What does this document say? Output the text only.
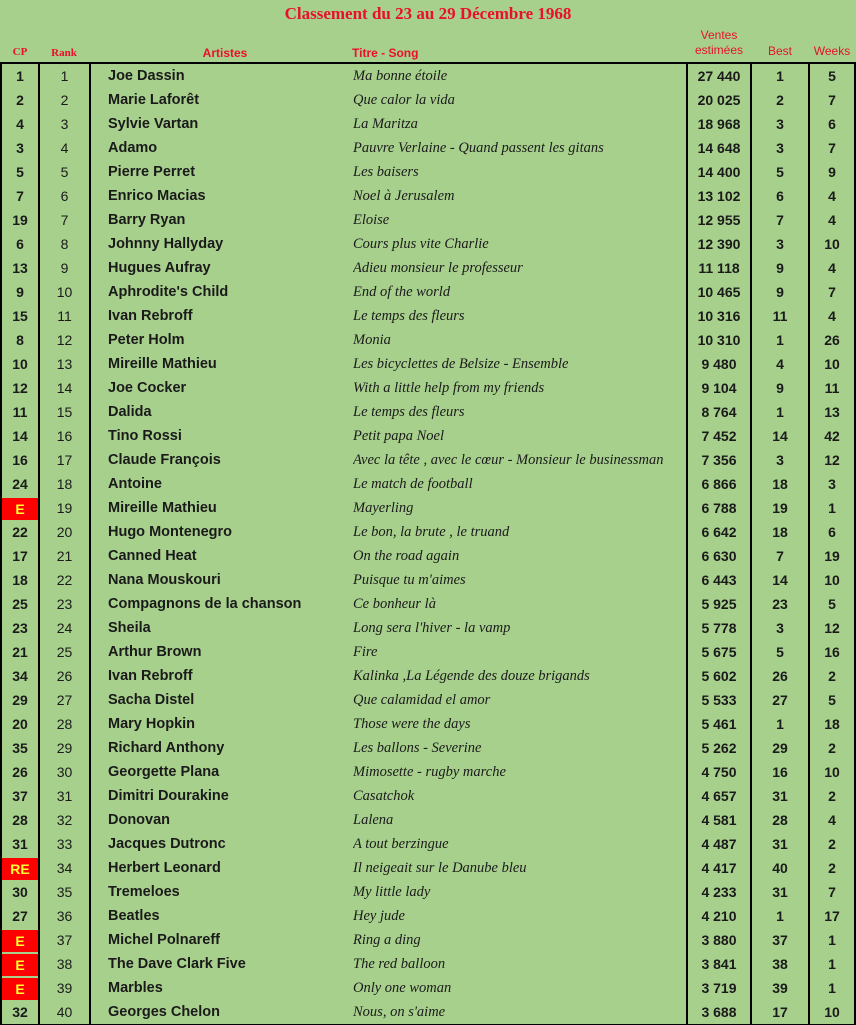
Classement du 23 au 29 Décembre 1968
CP	Rank	Artistes	Titre - Song
Ventes
estimées	Best	Weeks
1	1	Joe Dassin	Ma bonne étoile	27 440	1	5
2	2	Marie Laforêt	Que calor la vida	20 025	2	7
4	3	Sylvie Vartan	La Maritza	18 968	3	6
3	4	Adamo	Pauvre Verlaine - Quand passent les gitans	14 648	3	7
5	5	Pierre Perret	Les baisers	14 400	5	9
7	6	Enrico Macias	Noel à Jerusalem	13 102	6	4
19	7	Barry Ryan	Eloise	12 955	7	4
6	8	Johnny Hallyday	Cours plus vite Charlie	12 390	3	10
13	9	Hugues Aufray	Adieu monsieur le professeur	11 118	9	4
9	10	Aphrodite's Child	End of the world	10 465	9	7
15	11	Ivan Rebroff	Le temps des fleurs	10 316	11	4
8	12	Peter Holm	Monia	10 310	1	26
10	13	Mireille Mathieu	Les bicyclettes de Belsize - Ensemble	9 480	4	10
12	14	Joe Cocker	With a little help from my friends	9 104	9	11
11	15	Dalida	Le temps des fleurs	8 764	1	13
14	16	Tino Rossi	Petit papa Noel	7 452	14	42
16	17	Claude François	Avec la tête , avec le cœur - Monsieur le businessman	7 356	3	12
24	18	Antoine	Le match de football	6 866	18	3
E	19	Mireille Mathieu	Mayerling	6 788	19	1
22	20	Hugo Montenegro	Le bon, la brute , le truand	6 642	18	6
17	21	Canned Heat	On the road again	6 630	7	19
18	22	Nana Mouskouri	Puisque tu m'aimes	6 443	14	10
25	23	Compagnons de la chanson	Ce bonheur là	5 925	23	5
23	24	Sheila	Long sera l'hiver - la vamp	5 778	3	12
21	25	Arthur Brown	Fire	5 675	5	16
34	26	Ivan Rebroff	Kalinka ,La Légende des douze brigands	5 602	26	2
29	27	Sacha Distel	Que calamidad el amor	5 533	27	5
20	28	Mary Hopkin	Those were the days	5 461	1	18
35	29	Richard Anthony	Les ballons - Severine	5 262	29	2
26	30	Georgette Plana	Mimosette - rugby marche	4 750	16	10
37	31	Dimitri Dourakine	Casatchok	4 657	31	2
28	32	Donovan	Lalena	4 581	28	4
31	33	Jacques Dutronc	A tout berzingue	4 487	31	2
RE	34	Herbert Leonard	Il neigeait sur le Danube bleu	4 417	40	2
30	35	Tremeloes	My little lady	4 233	31	7
27	36	Beatles	Hey jude	4 210	1	17
E	37	Michel Polnareff	Ring a ding	3 880	37	1
E	38	The Dave Clark Five	The red balloon	3 841	38	1
E	39	Marbles	Only one woman	3 719	39	1
32	40	Georges Chelon	Nous, on s'aime	3 688	17	10
